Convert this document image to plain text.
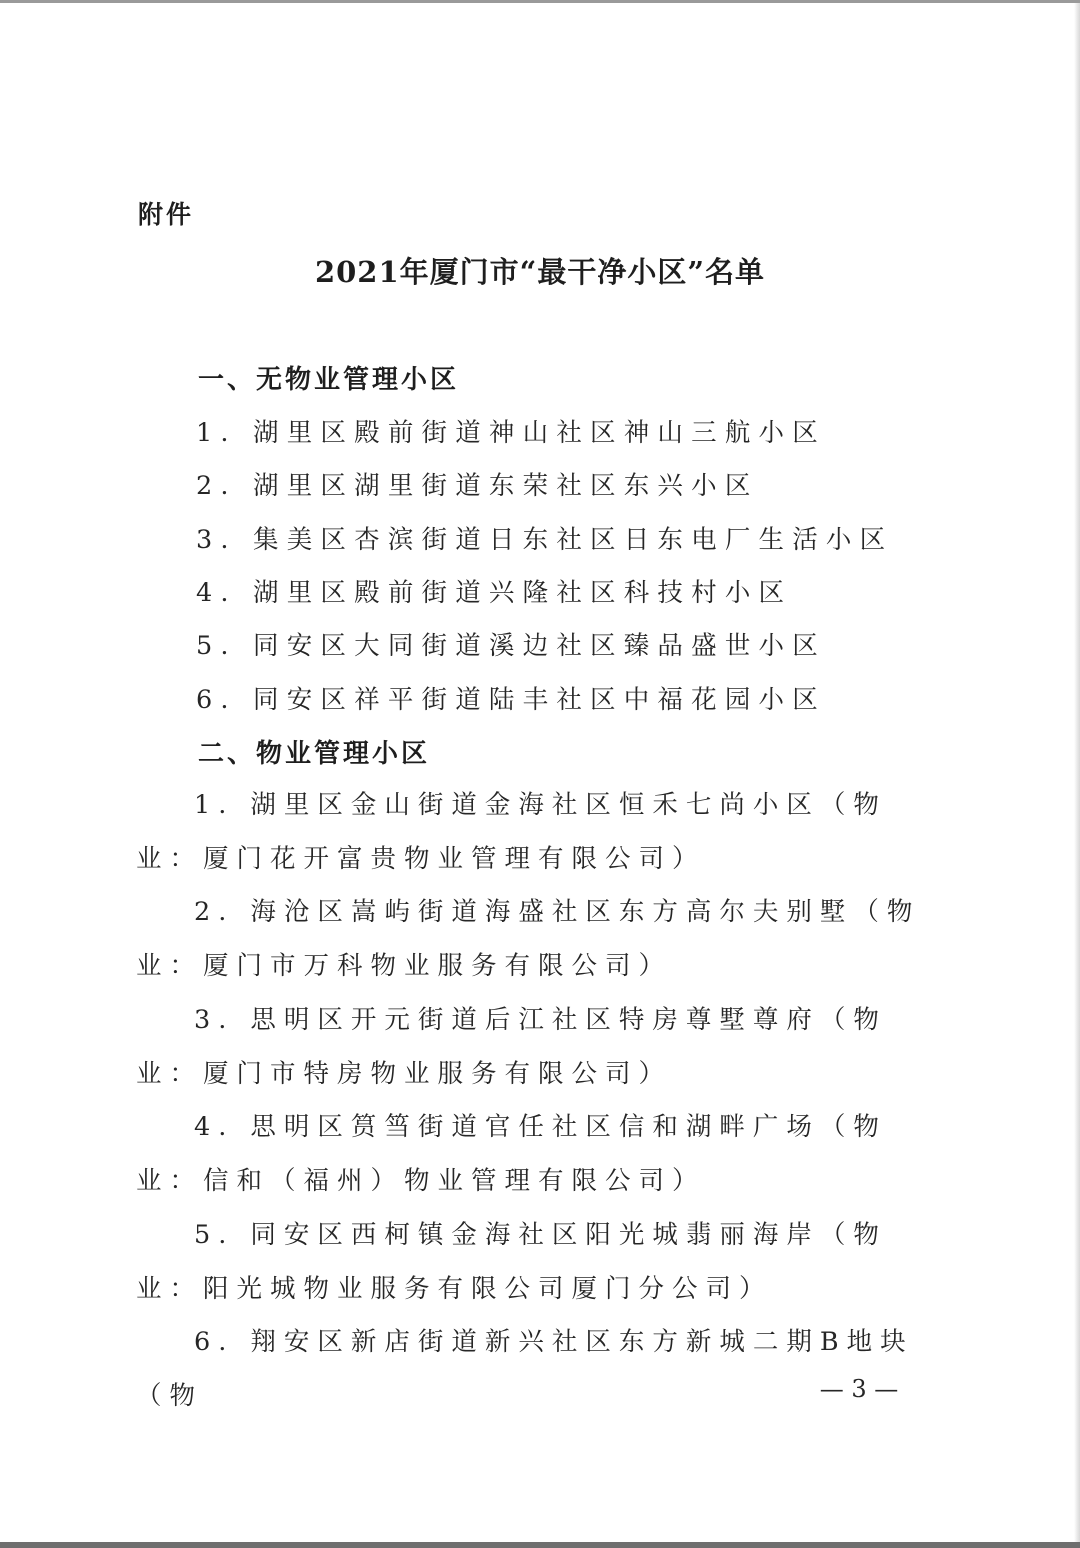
附件
2021年厦门市“最干净小区”名单
一、无物业管理小区
1. 湖里区殿前街道神山社区神山三航小区
2. 湖里区湖里街道东荣社区东兴小区
3. 集美区杏滨街道日东社区日东电厂生活小区
4. 湖里区殿前街道兴隆社区科技村小区
5. 同安区大同街道溪边社区臻品盛世小区
6. 同安区祥平街道陆丰社区中福花园小区
二、物业管理小区
1. 湖里区金山街道金海社区恒禾七尚小区（物业：厦门花开富贵物业管理有限公司）
2. 海沧区嵩屿街道海盛社区东方高尔夫别墅（物业：厦门市万科物业服务有限公司）
3. 思明区开元街道后江社区特房尊墅尊府（物业：厦门市特房物业服务有限公司）
4. 思明区筼筜街道官任社区信和湖畔广场（物业：信和（福州）物业管理有限公司）
5. 同安区西柯镇金海社区阳光城翡丽海岸（物业：阳光城物业服务有限公司厦门分公司）
6. 翔安区新店街道新兴社区东方新城二期B地块（物	— 3 —
